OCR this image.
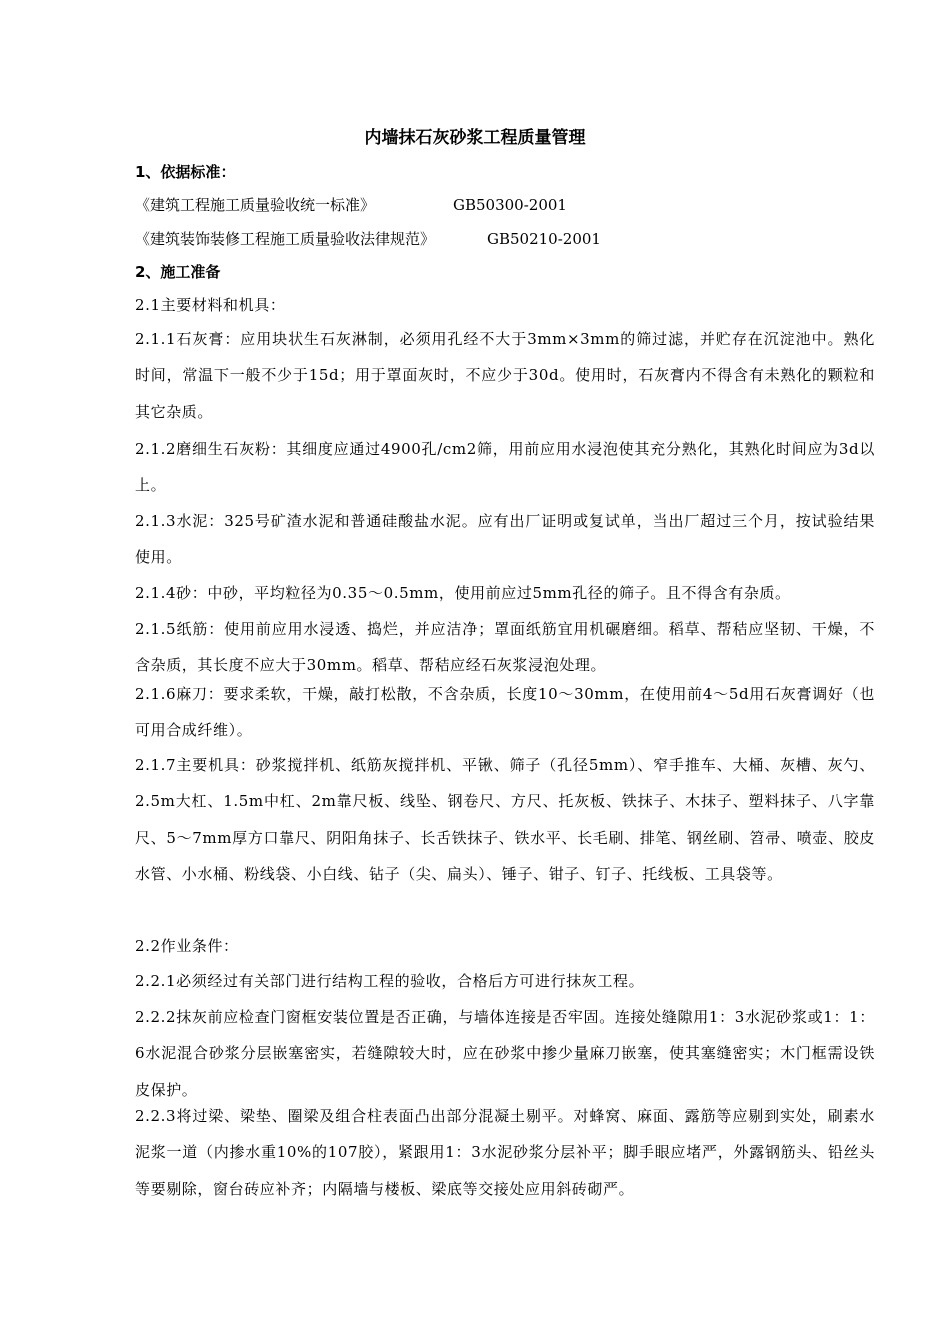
内墙抹石灰砂浆工程质量管理
1、依据标准：
《建筑工程施工质量验收统一标准》	GB50300-2001
《建筑装饰装修工程施工质量验收法律规范》	GB50210-2001
2、施工准备

2.1主要材料和机具：

2.1.1石灰膏：应用块状生石灰淋制，必须用孔经不大于3mm×3mm的筛过滤，并贮存在沉淀池中。熟化时间，常温下一般不少于15d；用于罩面灰时，不应少于30d。使用时，石灰膏内不得含有未熟化的颗粒和其它杂质。

2.1.2磨细生石灰粉：其细度应通过4900孔/cm2筛，用前应用水浸泡使其充分熟化，其熟化时间应为3d以上。

2.1.3水泥：325号矿渣水泥和普通硅酸盐水泥。应有出厂证明或复试单，当出厂超过三个月，按试验结果使用。

2.1.4砂：中砂，平均粒径为0.35～0.5mm，使用前应过5mm孔径的筛子。且不得含有杂质。

2.1.5纸筋：使用前应用水浸透、捣烂，并应洁净；罩面纸筋宜用机碾磨细。稻草、帮秸应坚韧、干燥，不含杂质，其长度不应大于30mm。稻草、帮秸应经石灰浆浸泡处理。

2.1.6麻刀：要求柔软，干燥，敲打松散，不含杂质，长度10～30mm，在使用前4～5d用石灰膏调好（也可用合成纤维）。

2.1.7主要机具：砂浆搅拌机、纸筋灰搅拌机、平锹、筛子（孔径5mm）、窄手推车、大桶、灰槽、灰勺、2.5m大杠、1.5m中杠、2m靠尺板、线坠、钢卷尺、方尺、托灰板、铁抹子、木抹子、塑料抹子、八字靠尺、5～7mm厚方口靠尺、阴阳角抹子、长舌铁抹子、铁水平、长毛刷、排笔、钢丝刷、笤帚、喷壶、胶皮水管、小水桶、粉线袋、小白线、钻子（尖、扁头）、锤子、钳子、钉子、托线板、工具袋等。

2.2作业条件：

2.2.1必须经过有关部门进行结构工程的验收，合格后方可进行抹灰工程。

2.2.2抹灰前应检查门窗框安装位置是否正确，与墙体连接是否牢固。连接处缝隙用1：3水泥砂浆或1：1：6水泥混合砂浆分层嵌塞密实，若缝隙较大时，应在砂浆中掺少量麻刀嵌塞，使其塞缝密实；木门框需设铁皮保护。

2.2.3将过梁、梁垫、圈梁及组合柱表面凸出部分混凝土剔平。对蜂窝、麻面、露筋等应剔到实处，刷素水泥浆一道（内掺水重10%的107胶），紧跟用1：3水泥砂浆分层补平；脚手眼应堵严，外露钢筋头、铅丝头等要剔除，窗台砖应补齐；内隔墙与楼板、梁底等交接处应用斜砖砌严。
